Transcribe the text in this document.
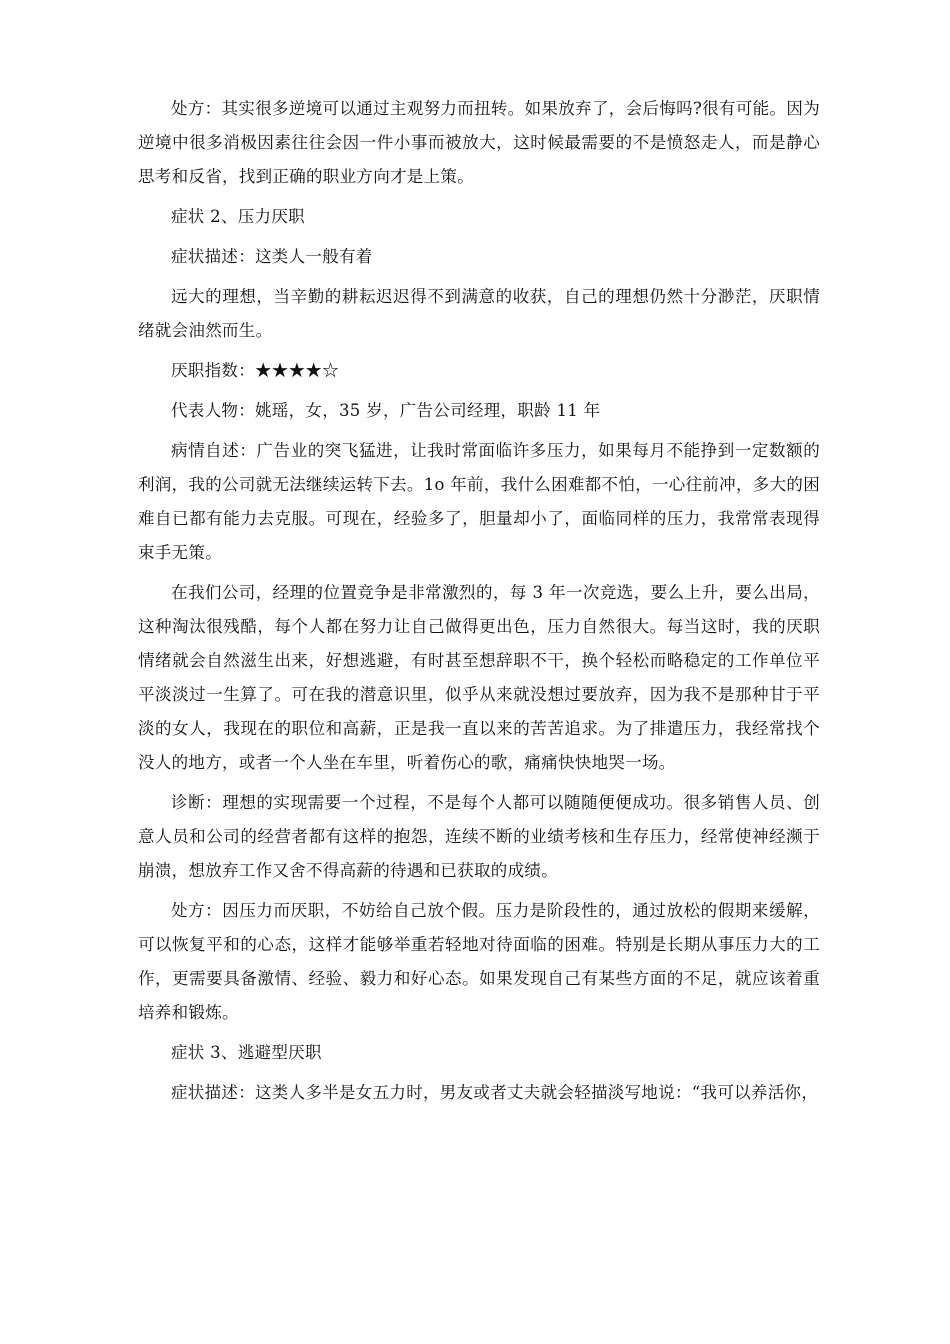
处方：其实很多逆境可以通过主观努力而扭转。如果放弃了，会后悔吗?很有可能。因为逆境中很多消极因素往往会因一件小事而被放大，这时候最需要的不是愤怒走人，而是静心思考和反省，找到正确的职业方向才是上策。

症状 2、压力厌职

症状描述：这类人一般有着

远大的理想，当辛勤的耕耘迟迟得不到满意的收获，自己的理想仍然十分渺茫，厌职情绪就会油然而生。

厌职指数：★★★★☆

代表人物：姚瑶，女，35 岁，广告公司经理，职龄 11 年

病情自述：广告业的突飞猛进，让我时常面临许多压力，如果每月不能挣到一定数额的利润，我的公司就无法继续运转下去。1o 年前，我什么困难都不怕，一心往前冲，多大的困难自已都有能力去克服。可现在，经验多了，胆量却小了，面临同样的压力，我常常表现得束手无策。

在我们公司，经理的位置竞争是非常激烈的，每 3 年一次竞选，要么上升，要么出局，这种淘汰很残酷，每个人都在努力让自己做得更出色，压力自然很大。每当这时，我的厌职情绪就会自然滋生出来，好想逃避，有时甚至想辞职不干，换个轻松而略稳定的工作单位平平淡淡过一生算了。可在我的潜意识里，似乎从来就没想过要放弃，因为我不是那种甘于平淡的女人，我现在的职位和高薪，正是我一直以来的苦苦追求。为了排遣压力，我经常找个没人的地方，或者一个人坐在车里，听着伤心的歌，痛痛快快地哭一场。

诊断：理想的实现需要一个过程，不是每个人都可以随随便便成功。很多销售人员、创意人员和公司的经营者都有这样的抱怨，连续不断的业绩考核和生存压力，经常使神经濒于崩溃，想放弃工作又舍不得高薪的待遇和已获取的成绩。

处方：因压力而厌职，不妨给自己放个假。压力是阶段性的，通过放松的假期来缓解，可以恢复平和的心态，这样才能够举重若轻地对待面临的困难。特别是长期从事压力大的工作，更需要具备激情、经验、毅力和好心态。如果发现自己有某些方面的不足，就应该着重培养和锻炼。

症状 3、逃避型厌职

症状描述：这类人多半是女五力时，男友或者丈夫就会轻描淡写地说：“我可以养活你，
